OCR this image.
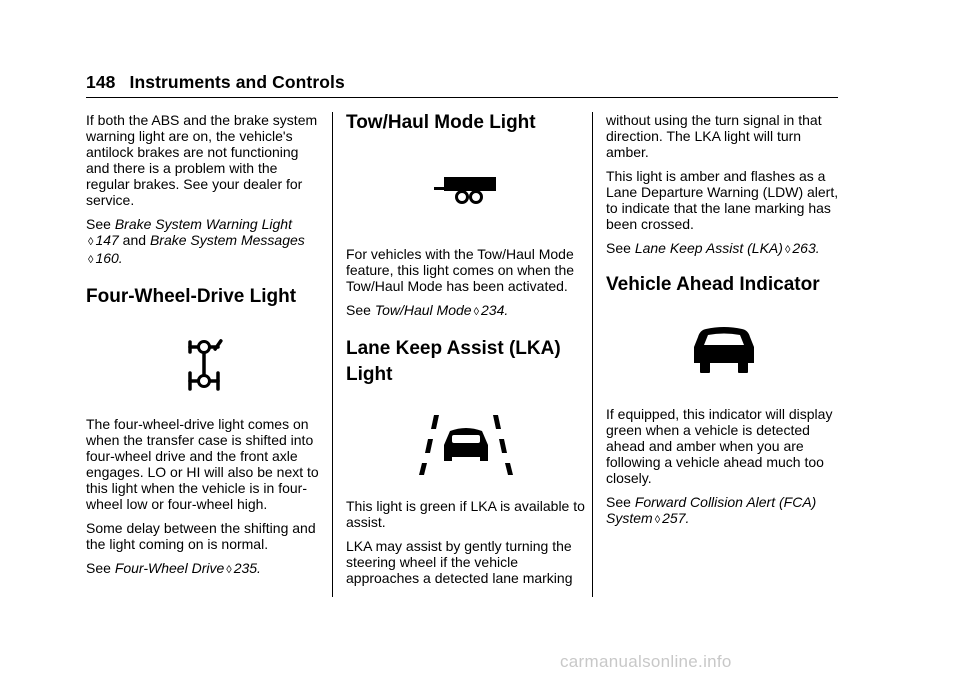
148 Instruments and Controls

If both the ABS and the brake system warning light are on, the vehicle's antilock brakes are not functioning and there is a problem with the regular brakes. See your dealer for service.

See Brake System Warning Light
◊ 147 and Brake System Messages
◊ 160.

Four-Wheel-Drive Light

The four-wheel-drive light comes on when the transfer case is shifted into four-wheel drive and the front axle engages. LO or HI will also be next to this light when the vehicle is in four-wheel low or four-wheel high.

Some delay between the shifting and the light coming on is normal.

See Four-Wheel Drive ◊ 235.

Tow/Haul Mode Light

For vehicles with the Tow/Haul Mode feature, this light comes on when the Tow/Haul Mode has been activated.

See Tow/Haul Mode ◊ 234.

Lane Keep Assist (LKA) Light

This light is green if LKA is available to assist.

LKA may assist by gently turning the steering wheel if the vehicle approaches a detected lane marking

without using the turn signal in that direction. The LKA light will turn amber.

This light is amber and flashes as a Lane Departure Warning (LDW) alert, to indicate that the lane marking has been crossed.

See Lane Keep Assist (LKA) ◊ 263.

Vehicle Ahead Indicator

If equipped, this indicator will display green when a vehicle is detected ahead and amber when you are following a vehicle ahead much too closely.

See Forward Collision Alert (FCA) System ◊ 257.

carmanualsonline.info
